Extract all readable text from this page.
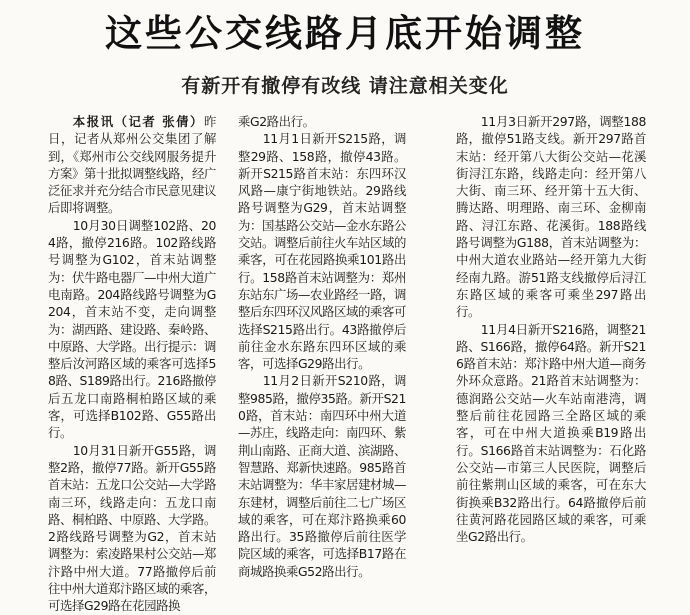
这些公交线路月底开始调整
有新开有撤停有改线 请注意相关变化

本报讯（记者 张倩）昨日，记者从郑州公交集团了解到，《郑州市公交线网服务提升方案》第十批拟调整线路，经广泛征求并充分结合市民意见建议后即将调整。

10月30日调整102路、204路，撤停216路。102路线路号调整为G102，首末站调整为：伏牛路电器厂—中州大道广电南路。204路线路号调整为G204，首末站不变，走向调整为：湖西路、建设路、秦岭路、中原路、大学路。出行提示：调整后汝河路区域的乘客可选择58路、S189路出行。216路撤停后五龙口南路桐柏路区域的乘客，可选择B102路、G55路出行。

10月31日新开G55路，调整2路，撤停77路。新开G55路首末站：五龙口公交站—大学路南三环，线路走向：五龙口南路、桐柏路、中原路、大学路。2路线路号调整为G2，首末站调整为：索凌路果村公交站—郑汴路中州大道。77路撤停后前往中州大道郑汴路区域的乘客，可选择G29路在花园路换

乘G2路出行。

11月1日新开S215路，调整29路、158路，撤停43路。新开S215路首末站：东四环汉风路—康宁街地铁站。29路线路号调整为G29，首末站调整为：国基路公交站—金水东路公交站。调整后前往火车站区域的乘客，可在花园路换乘101路出行。158路首末站调整为：郑州东站东广场—农业路经一路，调整后东四环汉风路区域的乘客可选择S215路出行。43路撤停后前往金水东路东四环区域的乘客，可选择G29路出行。

11月2日新开S210路，调整985路，撤停35路。新开S210路，首末站：南四环中州大道—苏庄，线路走向：南四环、紫荆山南路、正商大道、滨湖路、智慧路、郑新快速路。985路首末站调整为：华丰家居建材城—东建材，调整后前往二七广场区域的乘客，可在郑汴路换乘60路出行。35路撤停后前往医学院区域的乘客，可选择B17路在商城路换乘G52路出行。

11月3日新开297路，调整188路，撤停51路支线。新开297路首末站：经开第八大街公交站—花溪街浔江东路，线路走向：经开第八大街、南三环、经开第十五大街、腾达路、明理路、南三环、金柳南路、浔江东路、花溪街。188路线路号调整为G188，首末站调整为：中州大道农业路站—经开第九大街经南九路。游51路支线撤停后浔江东路区域的乘客可乘坐297路出行。

11月4日新开S216路，调整21路、S166路，撤停64路。新开S216路首末站：郑汴路中州大道—商务外环众意路。21路首末站调整为：德润路公交站—火车站南港湾，调整后前往花园路三全路区域的乘客，可在中州大道换乘B19路出行。S166路首末站调整为：石化路公交站—市第三人民医院，调整后前往紫荆山区域的乘客，可在东大街换乘B32路出行。64路撤停后前往黄河路花园路区域的乘客，可乘坐G2路出行。
